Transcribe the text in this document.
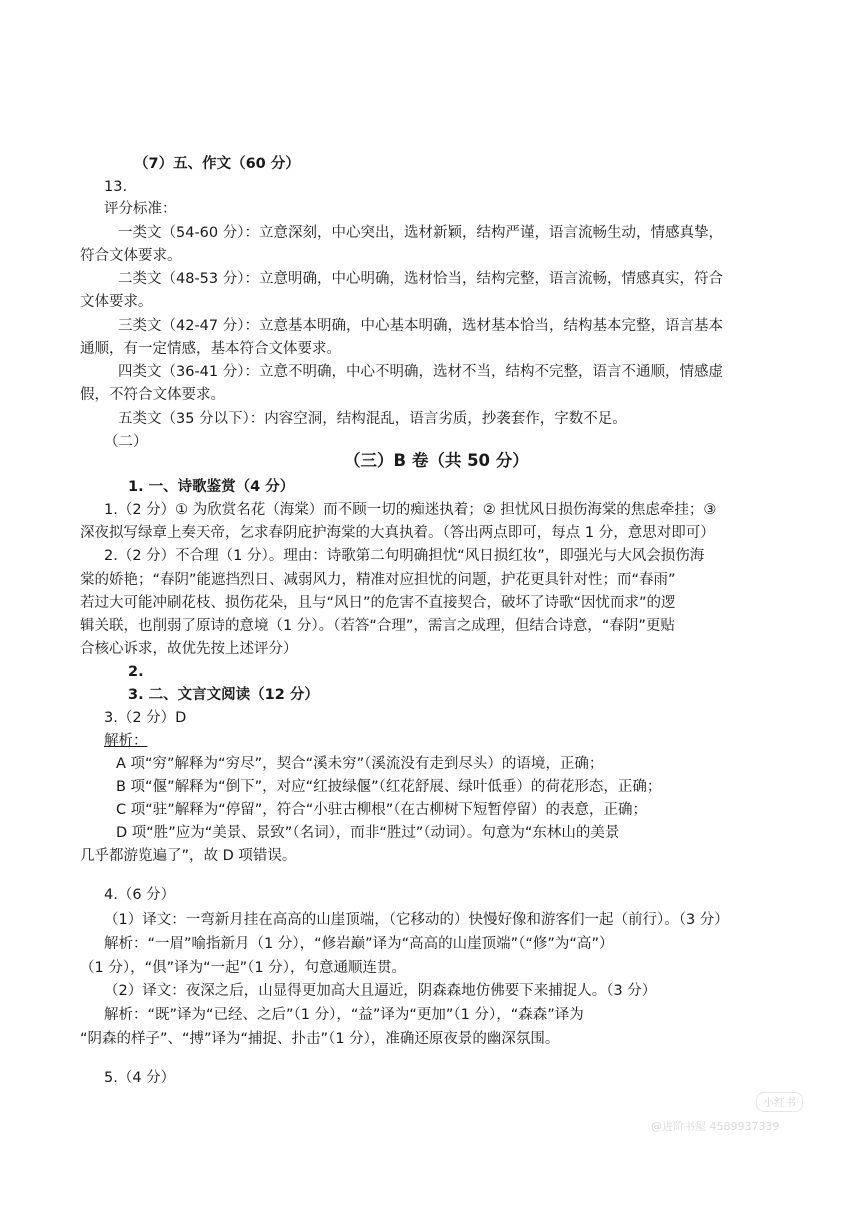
（7）五、作文（60 分）
13.
评分标准：
一类文（54-60 分）：立意深刻，中心突出，选材新颖，结构严谨，语言流畅生动，情感真挚，
符合文体要求。
二类文（48-53 分）：立意明确，中心明确，选材恰当，结构完整，语言流畅，情感真实，符合
文体要求。
三类文（42-47 分）：立意基本明确，中心基本明确，选材基本恰当，结构基本完整，语言基本
通顺，有一定情感，基本符合文体要求。
四类文（36-41 分）：立意不明确，中心不明确，选材不当，结构不完整，语言不通顺，情感虚
假，不符合文体要求。
五类文（35 分以下）：内容空洞，结构混乱，语言劣质，抄袭套作，字数不足。
（二）
（三）B 卷（共 50 分）
1. 一、诗歌鉴赏（4 分）
1.（2 分）① 为欣赏名花（海棠）而不顾一切的痴迷执着；② 担忧风日损伤海棠的焦虑牵挂；③
深夜拟写绿章上奏天帝，乞求春阴庇护海棠的大真执着。（答出两点即可，每点 1 分，意思对即可）
2.（2 分）不合理（1 分）。理由：诗歌第二句明确担忧“风日损红妆”，即强光与大风会损伤海
棠的娇艳；“春阴”能遮挡烈日、减弱风力，精准对应担忧的问题，护花更具针对性；而“春雨”
若过大可能冲刷花枝、损伤花朵，且与“风日”的危害不直接契合，破坏了诗歌“因忧而求”的逻
辑关联，也削弱了原诗的意境（1 分）。（若答“合理”，需言之成理，但结合诗意，“春阴”更贴
合核心诉求，故优先按上述评分）
2.
3. 二、文言文阅读（12 分）
3.（2 分）D
解析：
A 项“穷”解释为“穷尽”，契合“溪未穷”（溪流没有走到尽头）的语境，正确；
B 项“偃”解释为“倒下”，对应“红披绿偃”（红花舒展、绿叶低垂）的荷花形态，正确；
C 项“驻”解释为“停留”，符合“小驻古柳根”（在古柳树下短暂停留）的表意，正确；
D 项“胜”应为“美景、景致”（名词），而非“胜过”（动词）。句意为“东林山的美景
几乎都游览遍了”，故 D 项错误。
4.（6 分）
（1）译文：一弯新月挂在高高的山崖顶端，（它移动的）快慢好像和游客们一起（前行）。（3 分）
解析：“一眉”喻指新月（1 分），“修岩巅”译为“高高的山崖顶端”（“修”为“高”）
（1 分），“俱”译为“一起”（1 分），句意通顺连贯。
（2）译文：夜深之后，山显得更加高大且逼近，阴森森地仿佛要下来捕捉人。（3 分）
解析：“既”译为“已经、之后”（1 分），“益”译为“更加”（1 分），“森森”译为
“阴森的样子”、“搏”译为“捕捉、扑击”（1 分），准确还原夜景的幽深氛围。
5.（4 分）
小红书
@进阶书屋 4589937339
